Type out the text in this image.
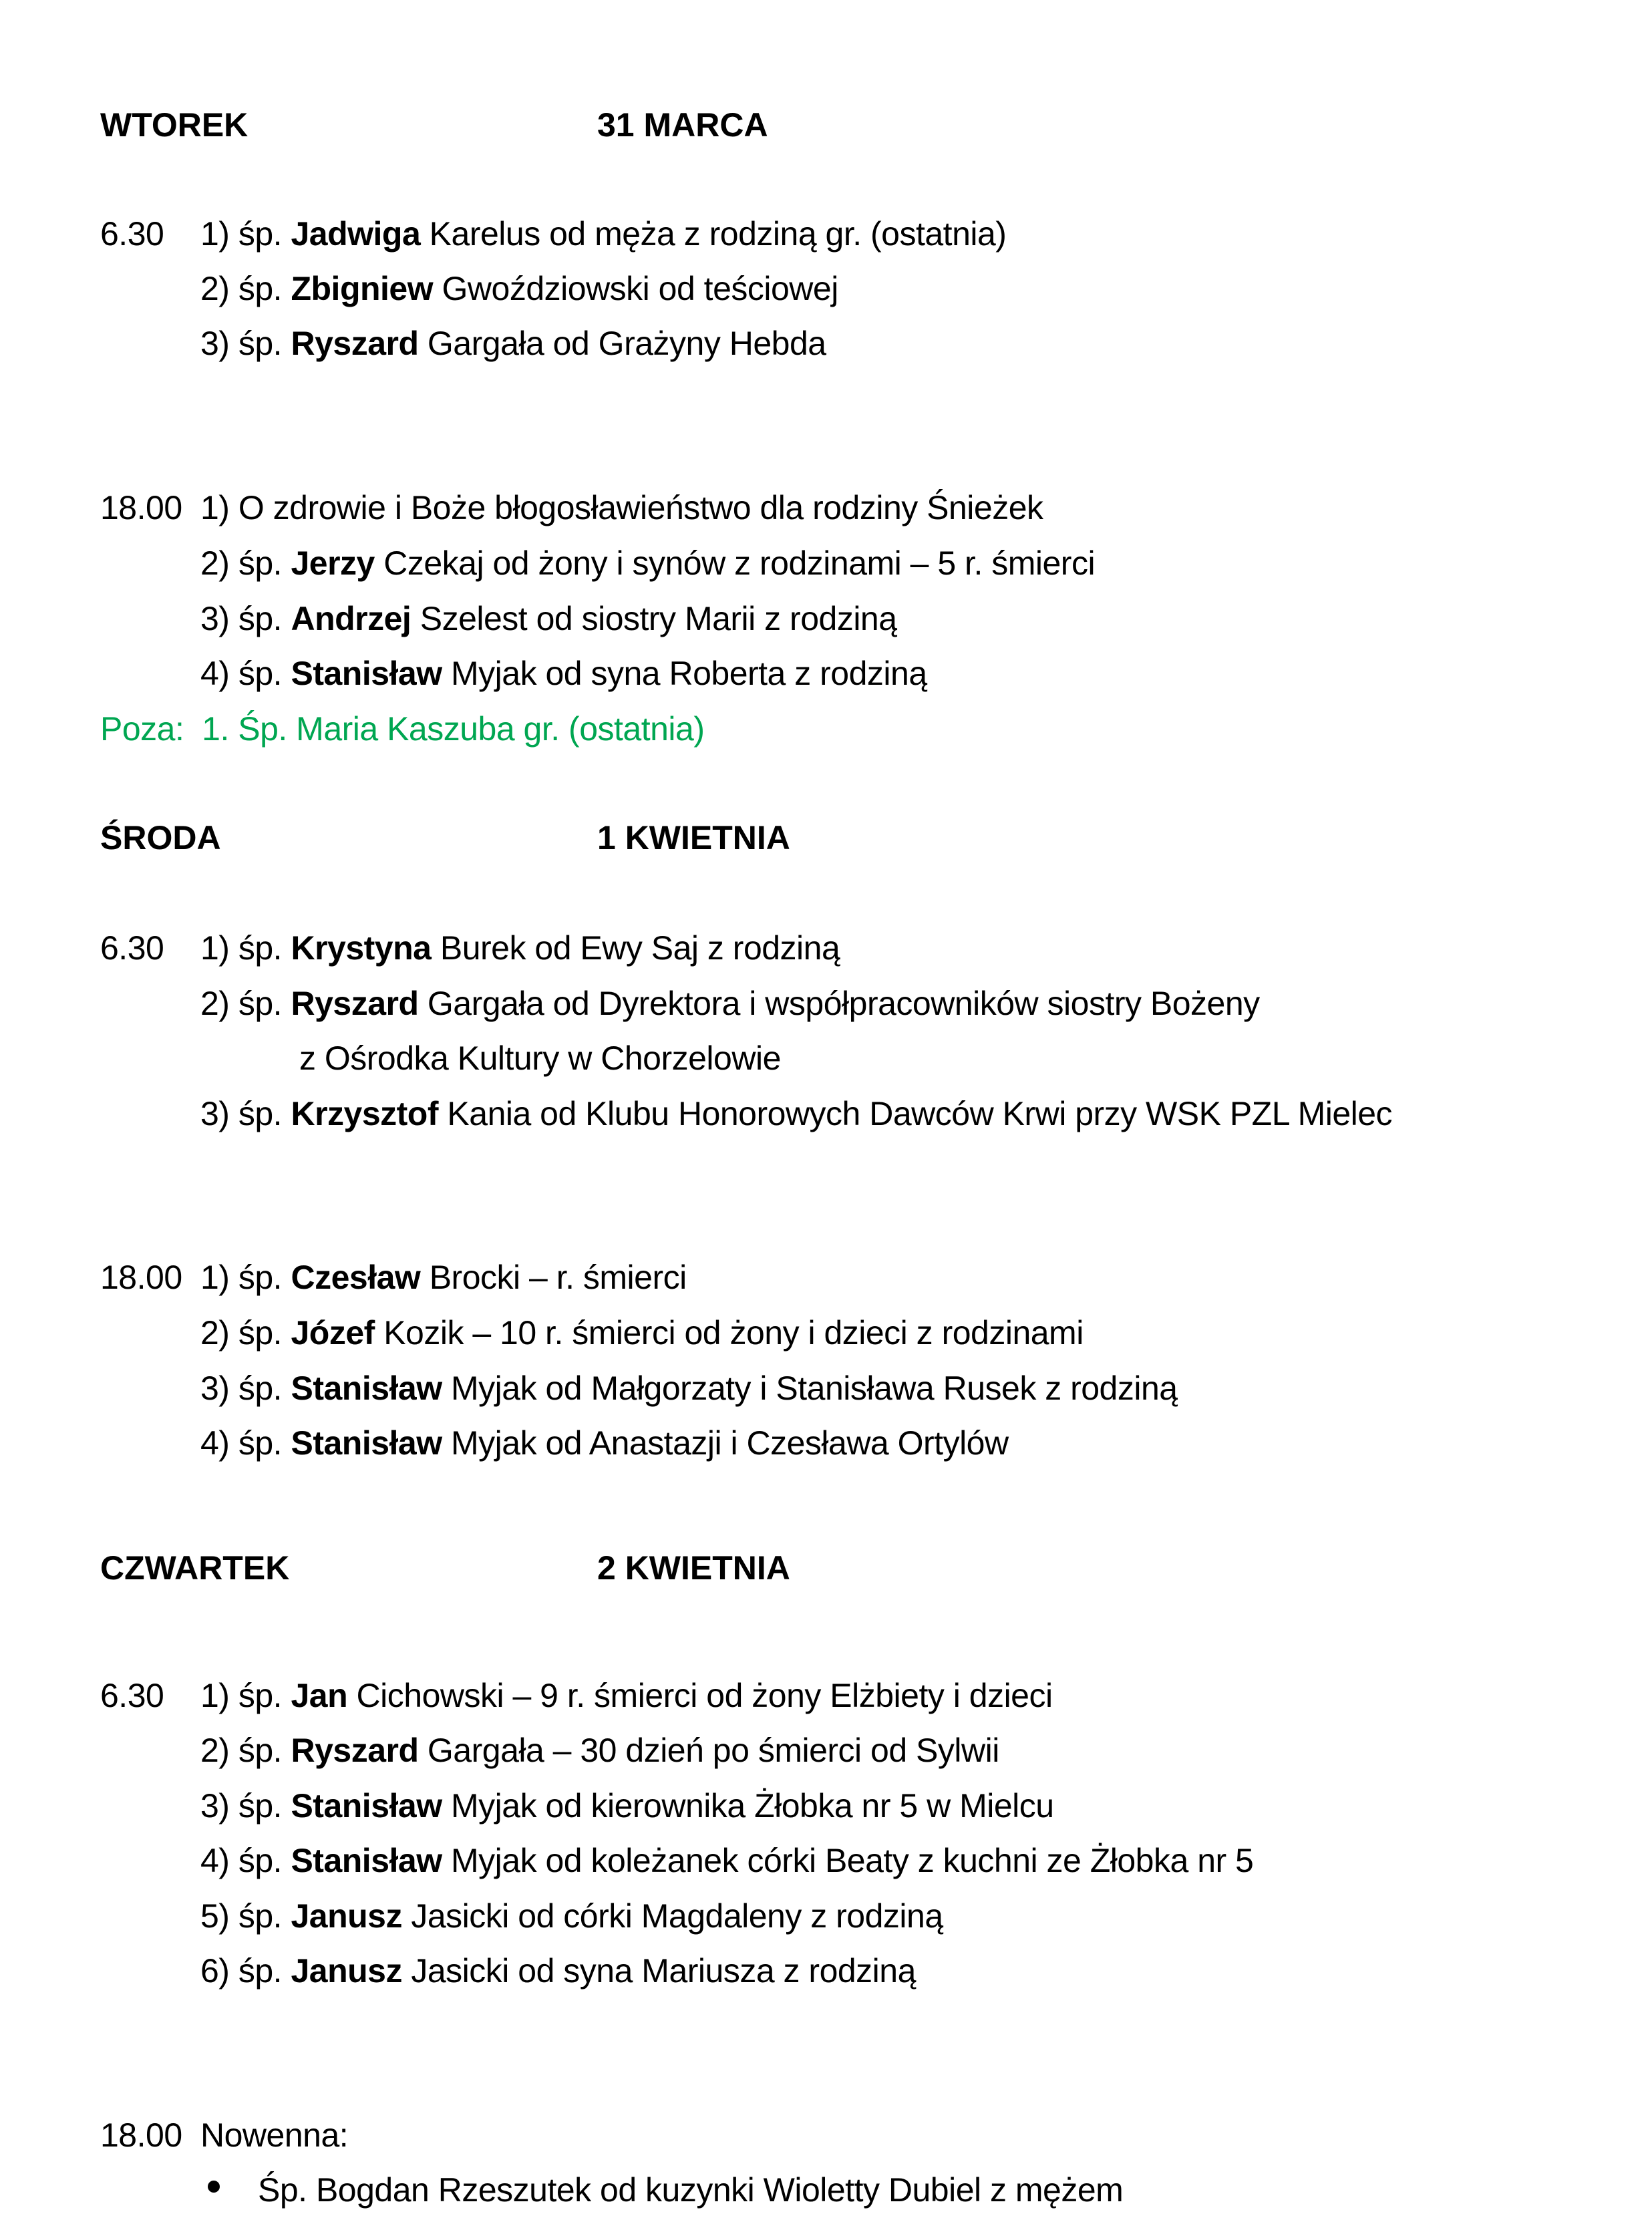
WTOREK	31 MARCA
6.30 1) śp. Jadwiga Karelus od męża z rodziną gr. (ostatnia)
2) śp. Zbigniew Gwoździowski od teściowej
3) śp. Ryszard Gargała od Grażyny Hebda
18.00 1) O zdrowie i Boże błogosławieństwo dla rodziny Śnieżek
2) śp. Jerzy Czekaj od żony i synów z rodzinami – 5 r. śmierci
3) śp. Andrzej Szelest od siostry Marii z rodziną
4) śp. Stanisław Myjak od syna Roberta z rodziną
Poza:  1. Śp. Maria Kaszuba gr. (ostatnia)
ŚRODA	1 KWIETNIA
6.30 1) śp. Krystyna Burek od Ewy Saj z rodziną
2) śp. Ryszard Gargała od Dyrektora i współpracowników siostry Bożeny
z Ośrodka Kultury w Chorzelowie
3) śp. Krzysztof Kania od Klubu Honorowych Dawców Krwi przy WSK PZL Mielec
18.00 1) śp. Czesław Brocki – r. śmierci
2) śp. Józef Kozik – 10 r. śmierci od żony i dzieci z rodzinami
3) śp. Stanisław Myjak od Małgorzaty i Stanisława Rusek z rodziną
4) śp. Stanisław Myjak od Anastazji i Czesława Ortylów
CZWARTEK	2 KWIETNIA
6.30 1) śp. Jan Cichowski – 9 r. śmierci od żony Elżbiety i dzieci
2) śp. Ryszard Gargała – 30 dzień po śmierci od Sylwii
3) śp. Stanisław Myjak od kierownika Żłobka nr 5 w Mielcu
4) śp. Stanisław Myjak od koleżanek córki Beaty z kuchni ze Żłobka nr 5
5) śp. Janusz Jasicki od córki Magdaleny z rodziną
6) śp. Janusz Jasicki od syna Mariusza z rodziną
18.00 Nowenna:
Śp. Bogdan Rzeszutek od kuzynki Wioletty Dubiel z mężem
